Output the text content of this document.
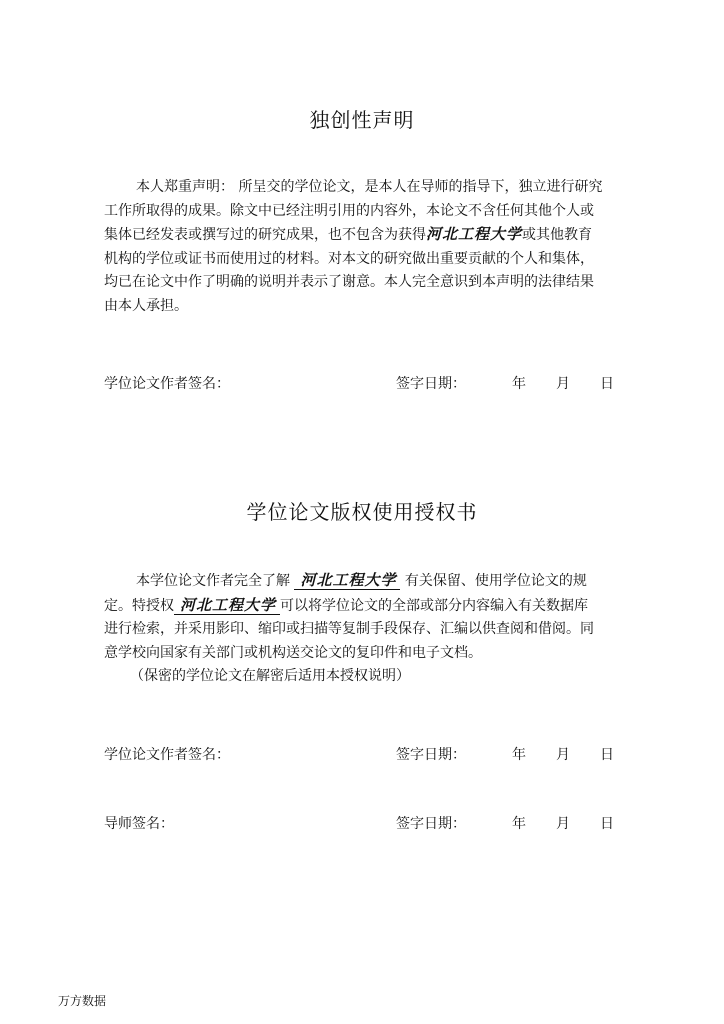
独创性声明
本人郑重声明： 所呈交的学位论文，是本人在导师的指导下，独立进行研究
工作所取得的成果。除文中已经注明引用的内容外，本论文不含任何其他个人或
集体已经发表或撰写过的研究成果，也不包含为获得河北工程大学或其他教育
机构的学位或证书而使用过的材料。对本文的研究做出重要贡献的个人和集体，
均已在论文中作了明确的说明并表示了谢意。本人完全意识到本声明的法律结果
由本人承担。
学位论文作者签名：	签字日期：	年 月 日
学位论文版权使用授权书
本学位论文作者完全了解 河北工程大学 有关保留、使用学位论文的规
定。特授权 河北工程大学 可以将学位论文的全部或部分内容编入有关数据库
进行检索，并采用影印、缩印或扫描等复制手段保存、汇编以供查阅和借阅。同
意学校向国家有关部门或机构送交论文的复印件和电子文档。
（保密的学位论文在解密后适用本授权说明）
学位论文作者签名：	签字日期：	年 月 日
导师签名：	签字日期：	年 月 日
万方数据
